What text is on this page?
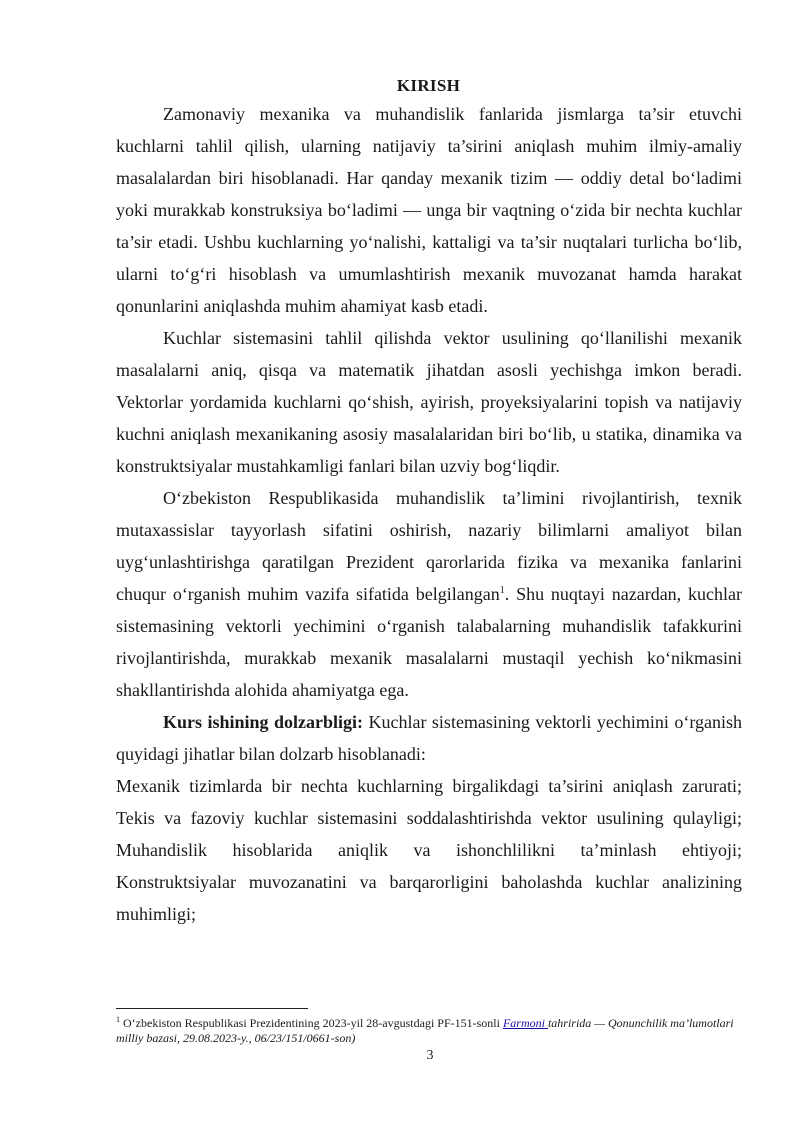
KIRISH

Zamonaviy mexanika va muhandislik fanlarida jismlarga ta’sir etuvchi kuchlarni tahlil qilish, ularning natijaviy ta’sirini aniqlash muhim ilmiy-amaliy masalalardan biri hisoblanadi. Har qanday mexanik tizim — oddiy detal bo‘ladimi yoki murakkab konstruksiya bo‘ladimi — unga bir vaqtning o‘zida bir nechta kuchlar ta’sir etadi. Ushbu kuchlarning yo‘nalishi, kattaligi va ta’sir nuqtalari turlicha bo‘lib, ularni to‘g‘ri hisoblash va umumlashtirish mexanik muvozanat hamda harakat qonunlarini aniqlashda muhim ahamiyat kasb etadi.

Kuchlar sistemasini tahlil qilishda vektor usulining qo‘llanilishi mexanik masalalarni aniq, qisqa va matematik jihatdan asosli yechishga imkon beradi. Vektorlar yordamida kuchlarni qo‘shish, ayirish, proyeksiyalarini topish va natijaviy kuchni aniqlash mexanikaning asosiy masalalaridan biri bo‘lib, u statika, dinamika va konstruktsiyalar mustahkamligi fanlari bilan uzviy bog‘liqdir.

O‘zbekiston Respublikasida muhandislik ta’limini rivojlantirish, texnik mutaxassislar tayyorlash sifatini oshirish, nazariy bilimlarni amaliyot bilan uyg‘unlashtirishga qaratilgan Prezident qarorlarida fizika va mexanika fanlarini chuqur o‘rganish muhim vazifa sifatida belgilangan$^1$. Shu nuqtayi nazardan, kuchlar sistemasining vektorli yechimini o‘rganish talabalarning muhandislik tafakkurini rivojlantirishda, murakkab mexanik masalalarni mustaqil yechish ko‘nikmasini shakllantirishda alohida ahamiyatga ega.

Kurs ishining dolzarbligi: Kuchlar sistemasining vektorli yechimini o‘rganish quyidagi jihatlar bilan dolzarb hisoblanadi:

Mexanik tizimlarda bir nechta kuchlarning birgalikdagi ta’sirini aniqlash zarurati;

Tekis va fazoviy kuchlar sistemasini soddalashtirishda vektor usulining qulayligi;

Muhandislik hisoblarida aniqlik va ishonchlilikni ta’minlash ehtiyoji;

Konstruktsiyalar muvozanatini va barqarorligini baholashda kuchlar analizining muhimligi;

$^1$ O‘zbekiston Respublikasi Prezidentining 2023-yil 28-avgustdagi PF-151-sonli Farmoni tahririda — Qonunchilik ma’lumotlari milliy bazasi, 29.08.2023-y., 06/23/151/0661-son)
3
